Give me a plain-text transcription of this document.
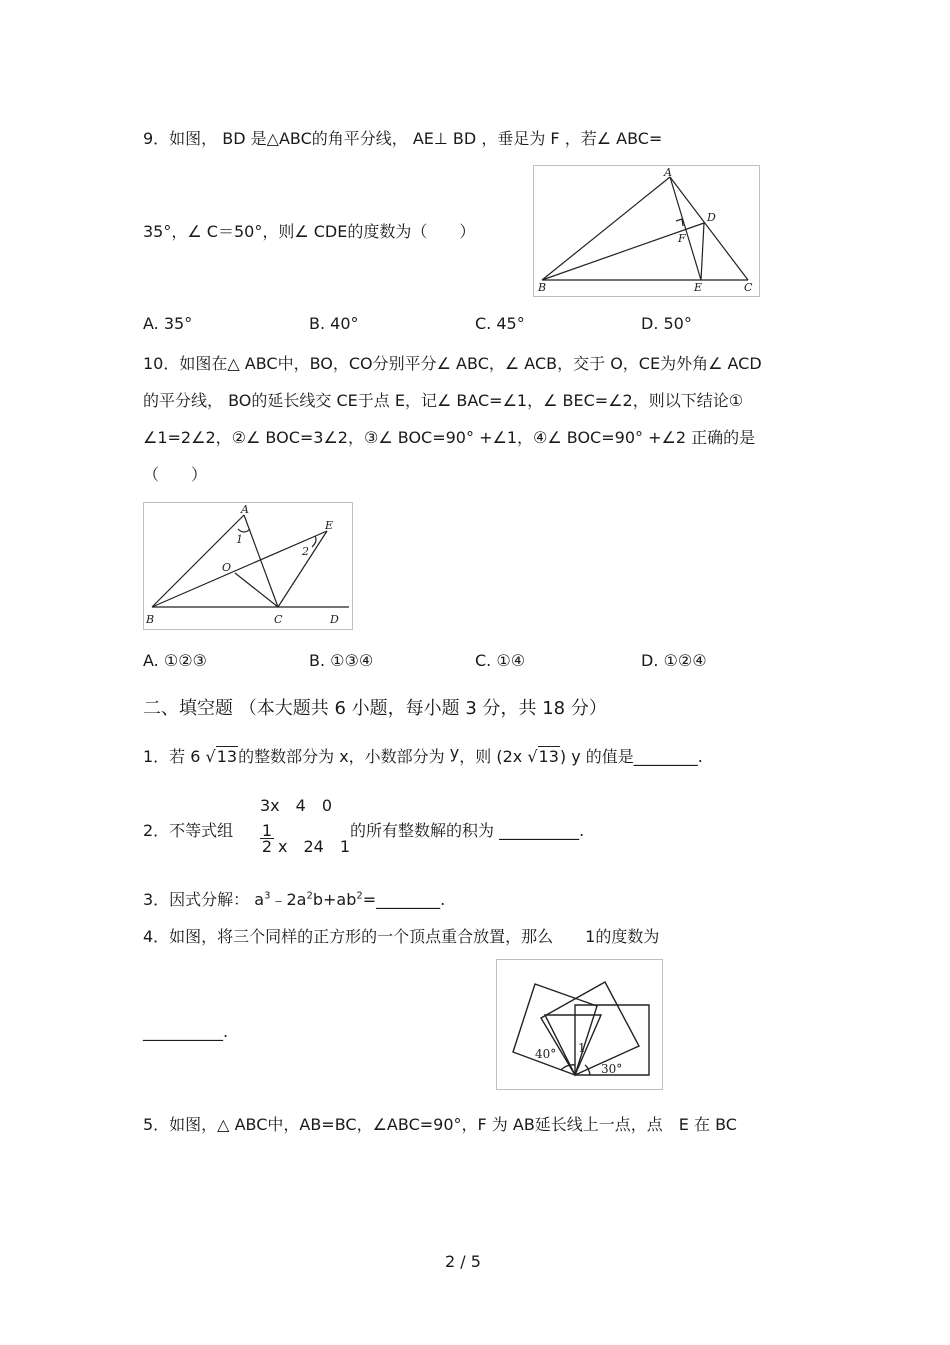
9．如图， BD 是△ABC的角平分线， AE⊥ BD ，垂足为 F ，若∠ ABC=
35°，∠ C＝50°，则∠ CDE的度数为（　　）
A
B	C
D
E
F
A. 35°	B. 40°	C. 45°	D. 50°
10．如图在△ ABC中，BO，CO分别平分∠ ABC，∠ ACB，交于 O，CE为外角∠ ACD
的平分线， BO的延长线交 CE于点 E，记∠ BAC=∠1，∠ BEC=∠2，则以下结论①
∠1=2∠2，②∠ BOC=3∠2，③∠ BOC=90° +∠1，④∠ BOC=90° +∠2 正确的是
（　　）
A
B	C	D
E
O
1
2
A. ①②③	B. ①③④	C. ①④	D. ①②④
二、填空题 （本大题共 6 小题，每小题 3 分，共 18 分）
1．若 6 √13的整数部分为 x，小数部分为 y，则 (2x √13) y 的值是________.
3x　4　0
2．不等式组 $\frac{1}{2}$ x　24　1
的所有整数解的积为 __________.
3．因式分解： $a^3﹣2a^2b+ab^2=\_\_\_\_\_\_\_\_$.
4．如图，将三个同样的正方形的一个顶点重合放置，那么　　1的度数为
__________.
40° 1
30°
5．如图，△ ABC中，AB=BC，∠ABC=90°，F 为 AB延长线上一点，点　E 在 BC
2 / 5
